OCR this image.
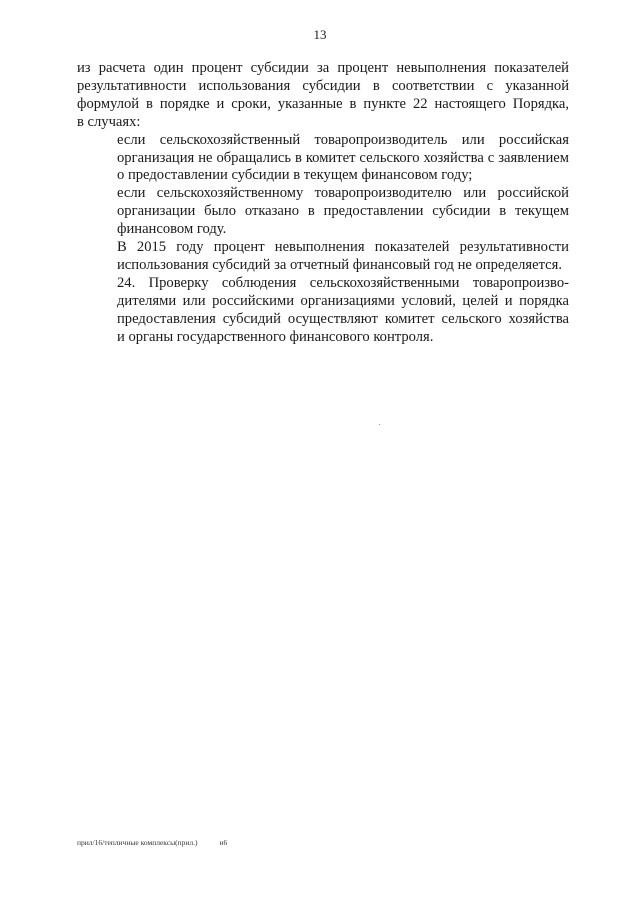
13

из расчета один процент субсидии за процент невыполнения показателей
результативности использования субсидии в соответствии с указанной
формулой в порядке и сроки, указанные в пункте 22 настоящего Порядка,
в случаях:

если сельскохозяйственный товаропроизводитель или российская
организация не обращались в комитет сельского хозяйства с заявлением
о предоставлении субсидии в текущем финансовом году;

если сельскохозяйственному товаропроизводителю или российской
организации было отказано в предоставлении субсидии в текущем
финансовом году.

В 2015 году процент невыполнения показателей результативности
использования субсидий за отчетный финансовый год не определяется.

24. Проверку соблюдения сельскохозяйственными товаропроизво-
дителями или российскими организациями условий, целей и порядка
предоставления субсидий осуществляют комитет сельского хозяйства
и органы государственного финансового контроля.

прил/16/тепличные комплексы(прил.)	н6
